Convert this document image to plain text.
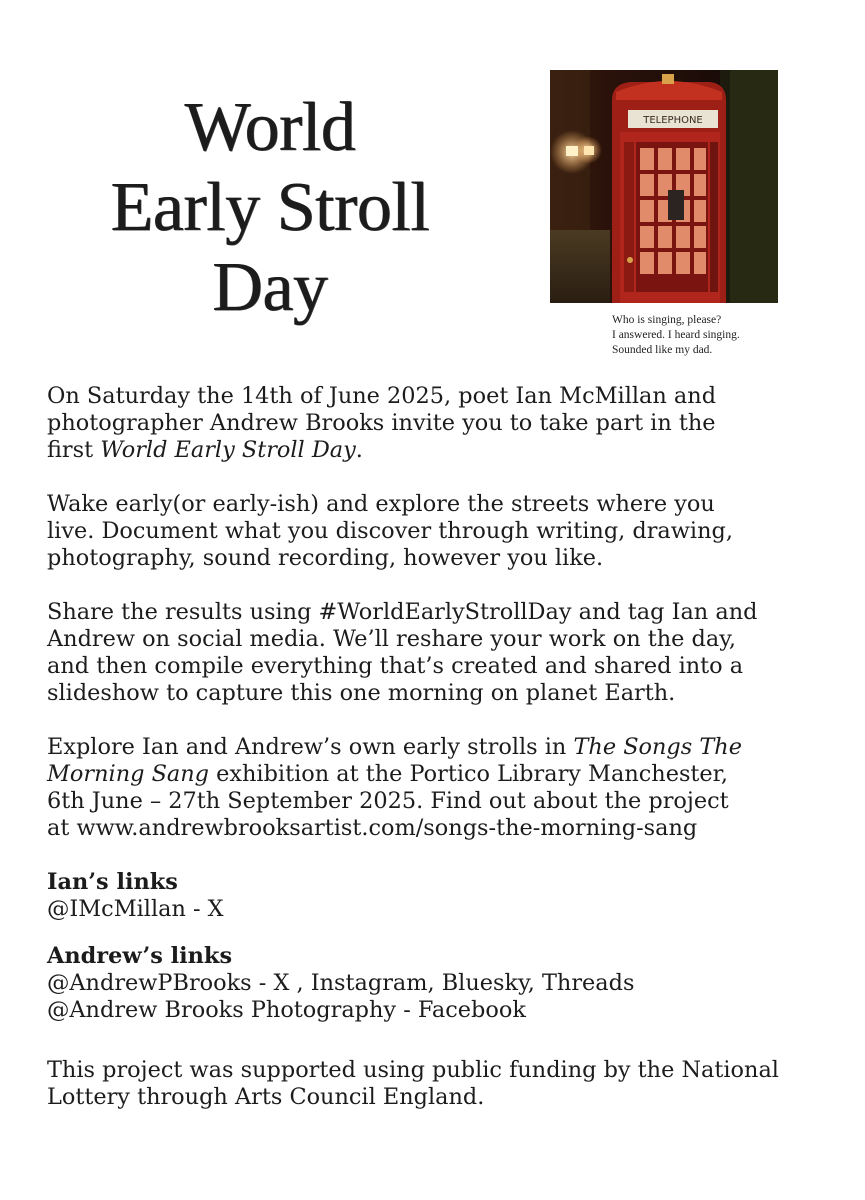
World
Early Stroll
Day
TELEPHONE
Who is singing, please?
I answered. I heard singing.
Sounded like my dad.
On Saturday the 14th of June 2025, poet Ian McMillan and
photographer Andrew Brooks invite you to take part in the
first World Early Stroll Day.
Wake early(or early-ish) and explore the streets where you
live. Document what you discover through writing, drawing,
photography, sound recording, however you like.
Share the results using #WorldEarlyStrollDay and tag Ian and
Andrew on social media. We’ll reshare your work on the day,
and then compile everything that’s created and shared into a
slideshow to capture this one morning on planet Earth.
Explore Ian and Andrew’s own early strolls in The Songs The
Morning Sang exhibition at the Portico Library Manchester,
6th June – 27th September 2025. Find out about the project
at www.andrewbrooksartist.com/songs-the-morning-sang
Ian’s links
@IMcMillan - X
Andrew’s links
@AndrewPBrooks - X , Instagram, Bluesky, Threads
@Andrew Brooks Photography - Facebook
This project was supported using public funding by the National
Lottery through Arts Council England.
